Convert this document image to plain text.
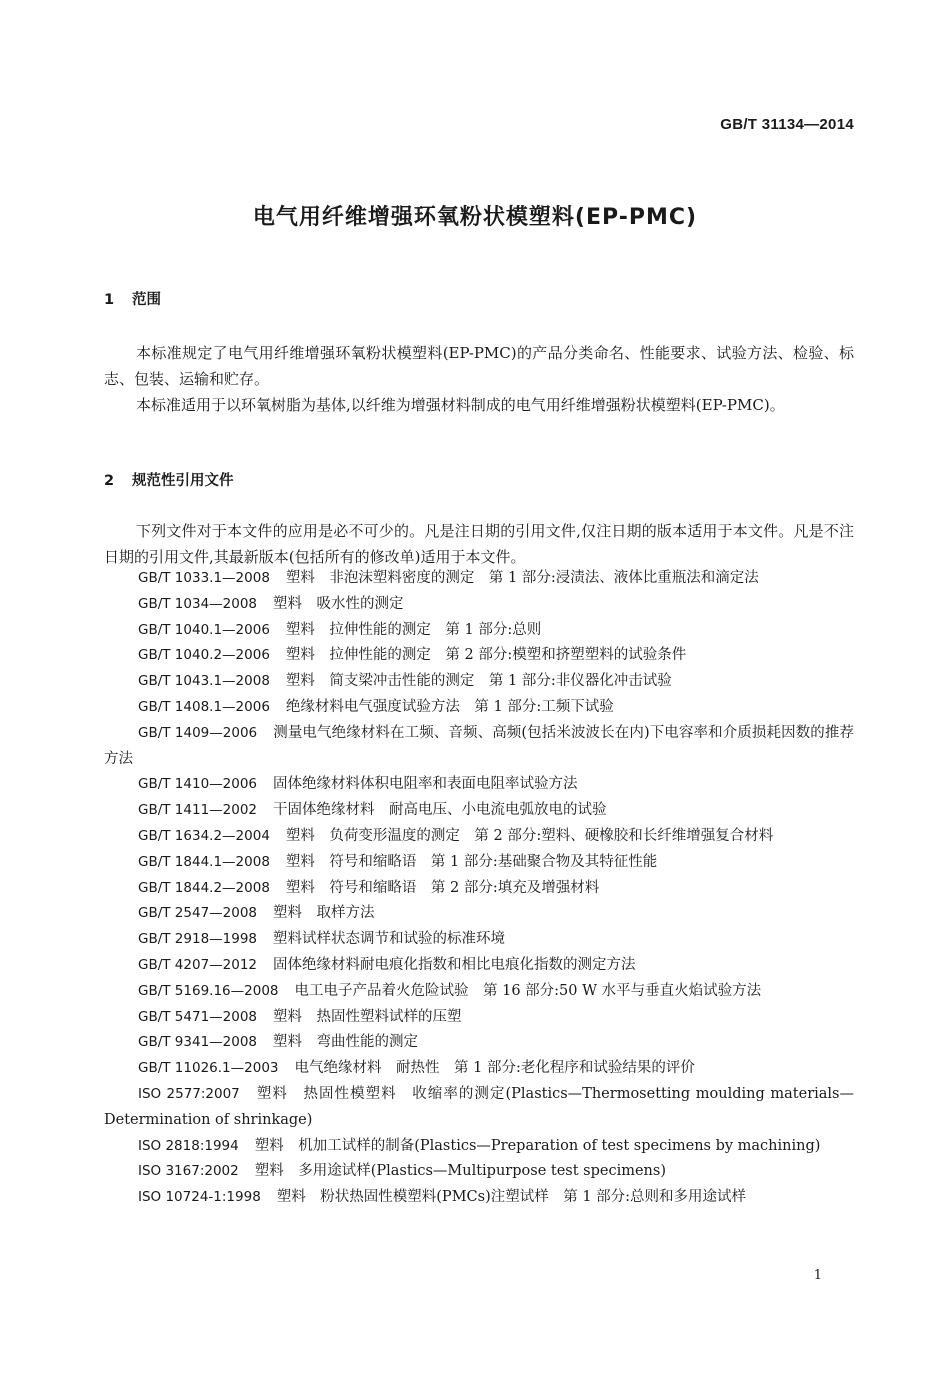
GB/T 31134—2014
电气用纤维增强环氧粉状模塑料(EP-PMC)
1 范围

本标准规定了电气用纤维增强环氧粉状模塑料(EP-PMC)的产品分类命名、性能要求、试验方法、检验、标志、包装、运输和贮存。

本标准适用于以环氧树脂为基体,以纤维为增强材料制成的电气用纤维增强粉状模塑料(EP-PMC)。

2 规范性引用文件

下列文件对于本文件的应用是必不可少的。凡是注日期的引用文件,仅注日期的版本适用于本文件。凡是不注日期的引用文件,其最新版本(包括所有的修改单)适用于本文件。

GB/T 1033.1—2008 塑料　非泡沫塑料密度的测定　第 1 部分:浸渍法、液体比重瓶法和滴定法
GB/T 1034—2008 塑料　吸水性的测定
GB/T 1040.1—2006 塑料　拉伸性能的测定　第 1 部分:总则
GB/T 1040.2—2006 塑料　拉伸性能的测定　第 2 部分:模塑和挤塑塑料的试验条件
GB/T 1043.1—2008 塑料　简支梁冲击性能的测定　第 1 部分:非仪器化冲击试验
GB/T 1408.1—2006 绝缘材料电气强度试验方法　第 1 部分:工频下试验
GB/T 1409—2006 测量电气绝缘材料在工频、音频、高频(包括米波波长在内)下电容率和介质损耗因数的推荐方法
GB/T 1410—2006 固体绝缘材料体积电阻率和表面电阻率试验方法
GB/T 1411—2002 干固体绝缘材料　耐高电压、小电流电弧放电的试验
GB/T 1634.2—2004 塑料　负荷变形温度的测定　第 2 部分:塑料、硬橡胶和长纤维增强复合材料
GB/T 1844.1—2008 塑料　符号和缩略语　第 1 部分:基础聚合物及其特征性能
GB/T 1844.2—2008 塑料　符号和缩略语　第 2 部分:填充及增强材料
GB/T 2547—2008 塑料　取样方法
GB/T 2918—1998 塑料试样状态调节和试验的标准环境
GB/T 4207—2012 固体绝缘材料耐电痕化指数和相比电痕化指数的测定方法
GB/T 5169.16—2008 电工电子产品着火危险试验　第 16 部分:50 W 水平与垂直火焰试验方法
GB/T 5471—2008 塑料　热固性塑料试样的压塑
GB/T 9341—2008 塑料　弯曲性能的测定
GB/T 11026.1—2003 电气绝缘材料　耐热性　第 1 部分:老化程序和试验结果的评价
ISO 2577:2007 塑料　热固性模塑料　收缩率的测定(Plastics—Thermosetting moulding materials—Determination of shrinkage)
ISO 2818:1994 塑料　机加工试样的制备(Plastics—Preparation of test specimens by machining)
ISO 3167:2002 塑料　多用途试样(Plastics—Multipurpose test specimens)
ISO 10724-1:1998 塑料　粉状热固性模塑料(PMCs)注塑试样　第 1 部分:总则和多用途试样
1
